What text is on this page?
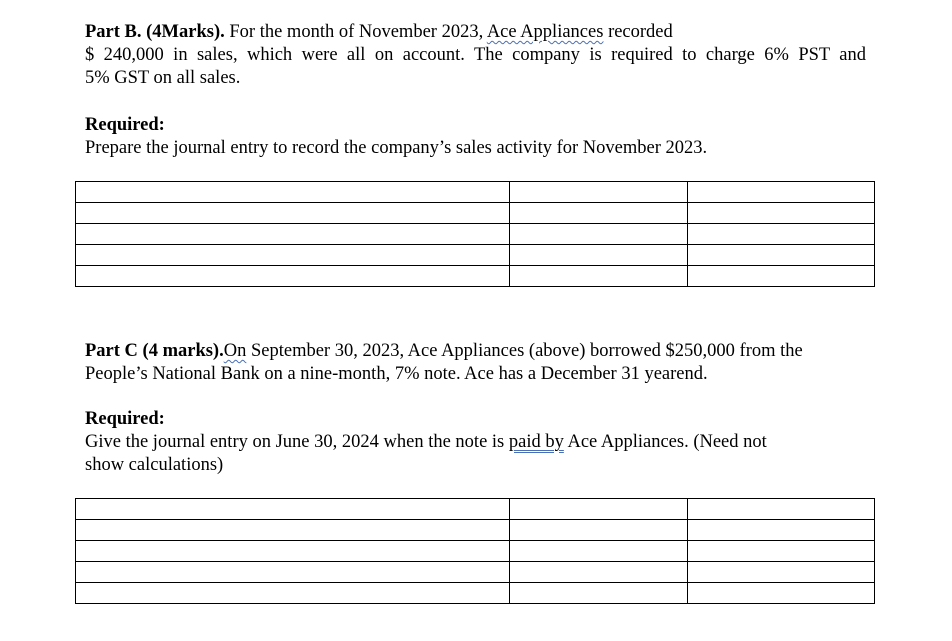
Part B. (4Marks). For the month of November 2023, Ace Appliances recorded

$ 240,000 in sales, which were all on account. The company is required to charge 6% PST and

5% GST on all sales.

Required:

Prepare the journal entry to record the company’s sales activity for November 2023.

Part C (4 marks).On September 30, 2023, Ace Appliances (above) borrowed $250,000 from the

People’s National Bank on a nine-month, 7% note. Ace has a December 31 yearend.

Required:

Give the journal entry on June 30, 2024 when the note is paid by Ace Appliances. (Need not

show calculations)
